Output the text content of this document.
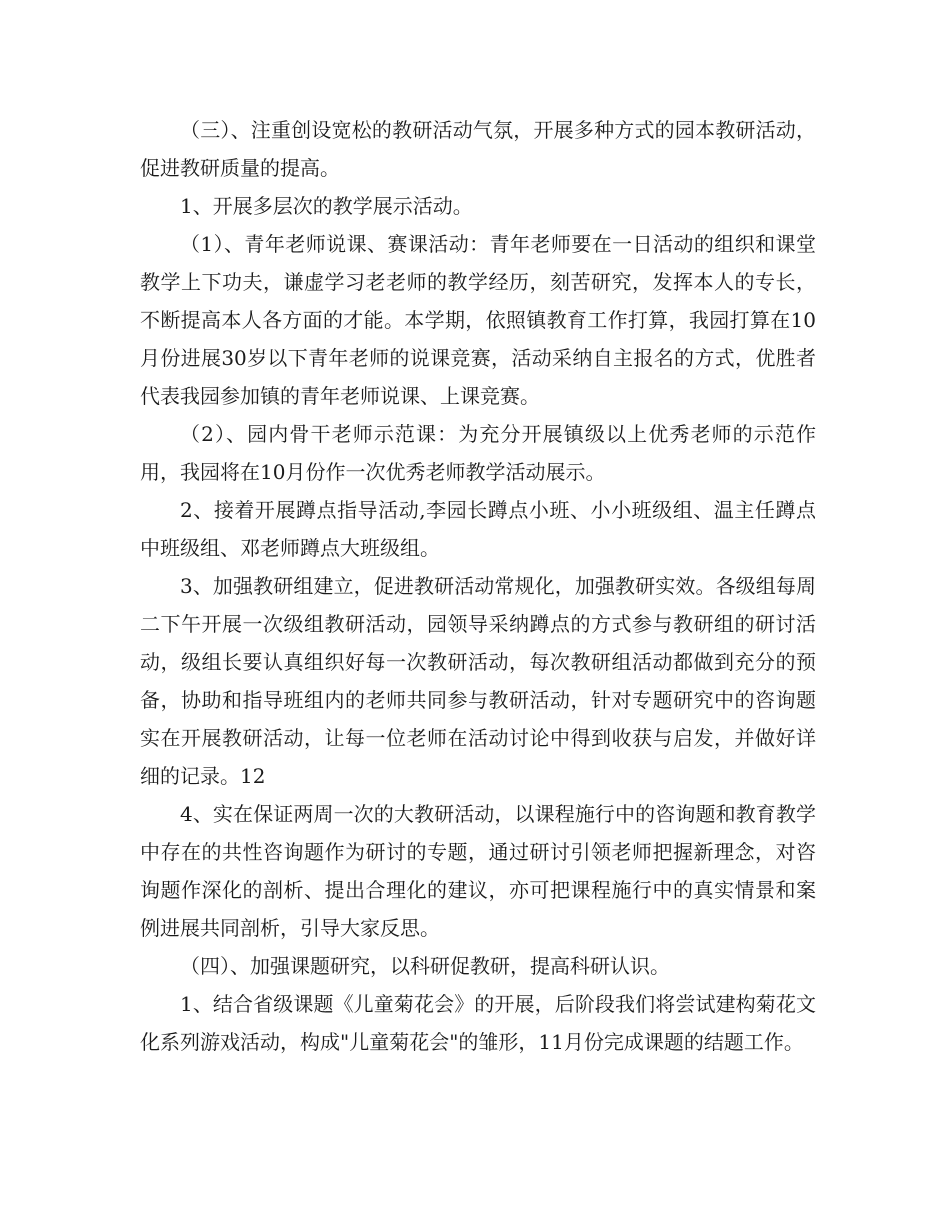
（三）、注重创设宽松的教研活动气氛，开展多种方式的园本教研活动，促进教研质量的提高。

1、开展多层次的教学展示活动。

（1）、青年老师说课、赛课活动：青年老师要在一日活动的组织和课堂教学上下功夫，谦虚学习老老师的教学经历，刻苦研究，发挥本人的专长，不断提高本人各方面的才能。本学期，依照镇教育工作打算，我园打算在10月份进展30岁以下青年老师的说课竞赛，活动采纳自主报名的方式，优胜者代表我园参加镇的青年老师说课、上课竞赛。

（2）、园内骨干老师示范课：为充分开展镇级以上优秀老师的示范作用，我园将在10月份作一次优秀老师教学活动展示。

2、接着开展蹲点指导活动,李园长蹲点小班、小小班级组、温主任蹲点中班级组、邓老师蹲点大班级组。

3、加强教研组建立，促进教研活动常规化，加强教研实效。各级组每周二下午开展一次级组教研活动，园领导采纳蹲点的方式参与教研组的研讨活动，级组长要认真组织好每一次教研活动，每次教研组活动都做到充分的预备，协助和指导班组内的老师共同参与教研活动，针对专题研究中的咨询题实在开展教研活动，让每一位老师在活动讨论中得到收获与启发，并做好详细的记录。12

4、实在保证两周一次的大教研活动，以课程施行中的咨询题和教育教学中存在的共性咨询题作为研讨的专题，通过研讨引领老师把握新理念，对咨询题作深化的剖析、提出合理化的建议，亦可把课程施行中的真实情景和案例进展共同剖析，引导大家反思。

（四）、加强课题研究，以科研促教研，提高科研认识。

1、结合省级课题《儿童菊花会》的开展，后阶段我们将尝试建构菊花文化系列游戏活动，构成"儿童菊花会"的雏形，11月份完成课题的结题工作。
